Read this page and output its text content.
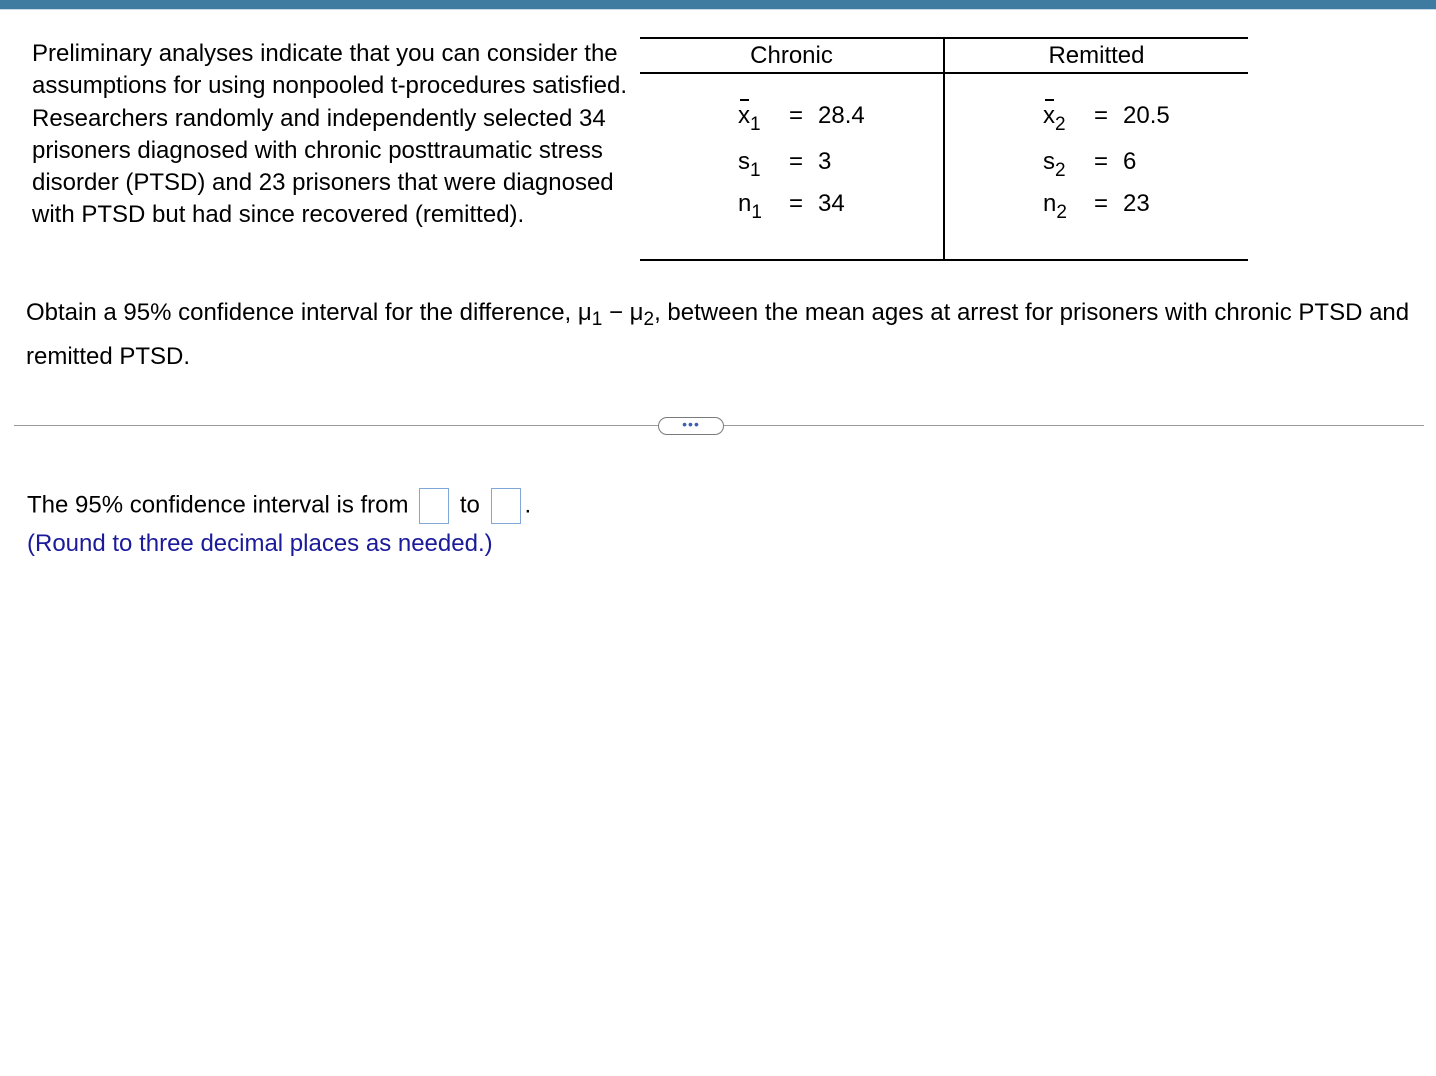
Preliminary analyses indicate that you can consider the assumptions for using nonpooled t-procedures satisfied. Researchers randomly and independently selected 34 prisoners diagnosed with chronic posttraumatic stress disorder (PTSD) and 23 prisoners that were diagnosed with PTSD but had since recovered (remitted).

Chronic
$x_1$	= 28.4
$s_1$	= 3
$n_1$	= 34
Remitted
$x_2$	= 20.5
$s_2$	= 6
$n_2$	= 23

Obtain a 95% confidence interval for the difference, $\mu_1 - \mu_2$, between the mean ages at arrest for prisoners with chronic PTSD and remitted PTSD.

•••
The 95% confidence interval is from to .
(Round to three decimal places as needed.)
